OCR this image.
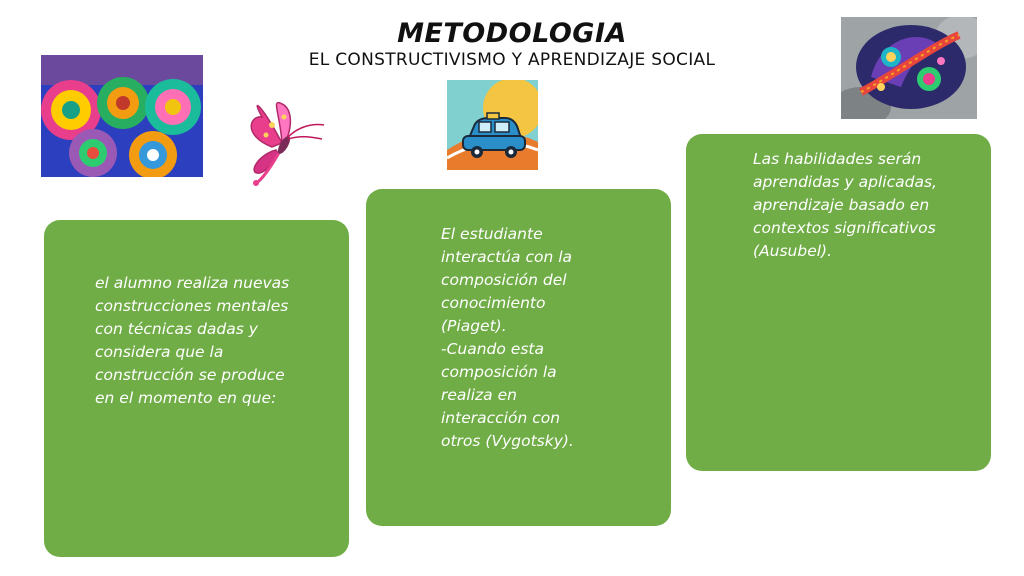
METODOLOGIA
EL CONSTRUCTIVISMO Y APRENDIZAJE SOCIAL

el alumno realiza nuevas
construcciones mentales
con técnicas dadas y
considera que la
construcción se produce
en el momento en que:

El estudiante
interactúa con la
composición del
conocimiento
(Piaget).
-Cuando esta
composición la
realiza en
interacción con
otros (Vygotsky).

Las habilidades serán
aprendidas y aplicadas,
aprendizaje basado en
contextos significativos
(Ausubel).
